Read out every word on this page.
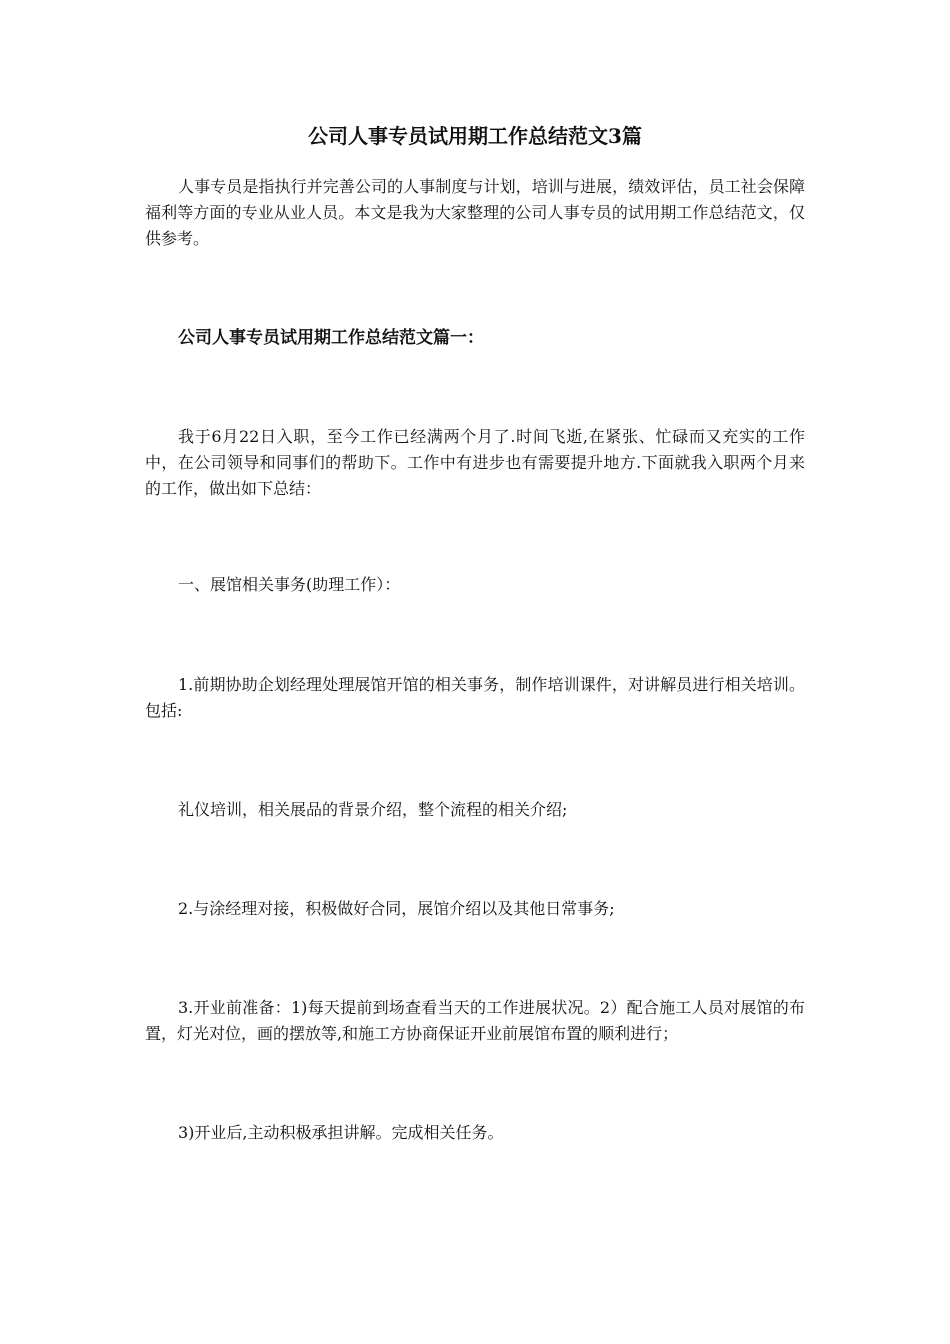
公司人事专员试用期工作总结范文3篇

人事专员是指执行并完善公司的人事制度与计划，培训与进展，绩效评估，员工社会保障福利等方面的专业从业人员。本文是我为大家整理的公司人事专员的试用期工作总结范文，仅供参考。

公司人事专员试用期工作总结范文篇一：

我于6月22日入职，至今工作已经满两个月了.时间飞逝,在紧张、忙碌而又充实的工作中，在公司领导和同事们的帮助下。工作中有进步也有需要提升地方.下面就我入职两个月来的工作，做出如下总结：

一、展馆相关事务(助理工作）：

1.前期协助企划经理处理展馆开馆的相关事务，制作培训课件，对讲解员进行相关培训。包括:

礼仪培训，相关展品的背景介绍，整个流程的相关介绍;

2.与涂经理对接，积极做好合同，展馆介绍以及其他日常事务;

3.开业前准备：1)每天提前到场查看当天的工作进展状况。2）配合施工人员对展馆的布置，灯光对位，画的摆放等,和施工方协商保证开业前展馆布置的顺利进行；

3)开业后,主动积极承担讲解。完成相关任务。
